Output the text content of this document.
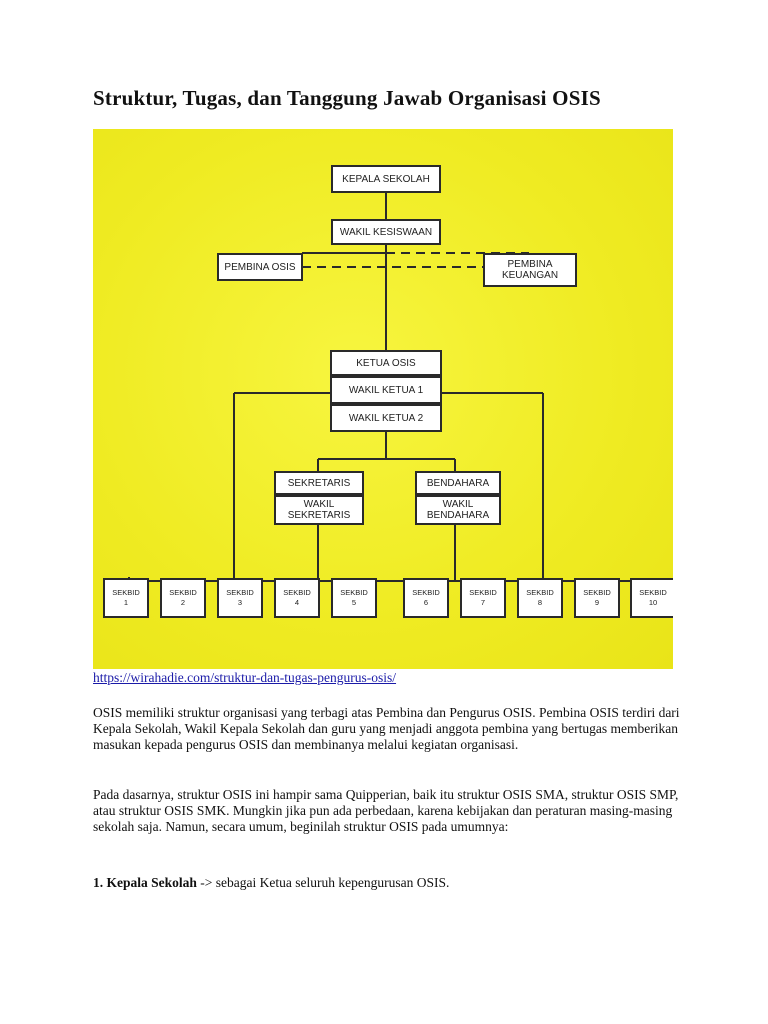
Struktur, Tugas, dan Tanggung Jawab Organisasi OSIS
KEPALA SEKOLAH
WAKIL KESISWAAN
PEMBINA OSIS	PEMBINA
KEUANGAN
KETUA OSIS
WAKIL KETUA 1
WAKIL KETUA 2
SEKRETARIS
WAKIL
SEKRETARIS
BENDAHARA
WAKIL
BENDAHARA
SEKBID
1
SEKBID
2
SEKBID
3
SEKBID
4
SEKBID
5
SEKBID
6
SEKBID
7
SEKBID
8
SEKBID
9
SEKBID
10
https://wirahadie.com/struktur-dan-tugas-pengurus-osis/

OSIS memiliki struktur organisasi yang terbagi atas Pembina dan Pengurus OSIS. Pembina OSIS terdiri dari Kepala Sekolah, Wakil Kepala Sekolah dan guru yang menjadi anggota pembina yang bertugas memberikan masukan kepada pengurus OSIS dan membinanya melalui kegiatan organisasi.

Pada dasarnya, struktur OSIS ini hampir sama Quipperian, baik itu struktur OSIS SMA, struktur OSIS SMP, atau struktur OSIS SMK. Mungkin jika pun ada perbedaan, karena kebijakan dan peraturan masing-masing sekolah saja. Namun, secara umum, beginilah struktur OSIS pada umumnya:

1. Kepala Sekolah -> sebagai Ketua seluruh kepengurusan OSIS.
